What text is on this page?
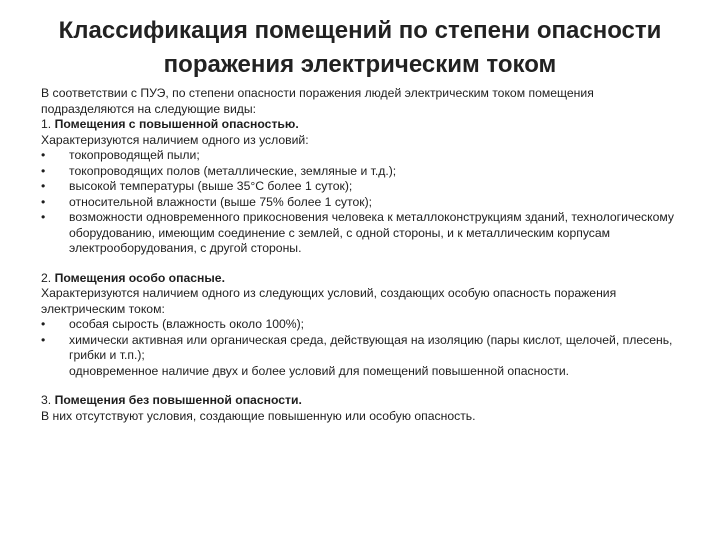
Классификация помещений по степени опасности
поражения электрическим током

В соответствии с ПУЭ, по степени опасности поражения людей электрическим током помещения подразделяются на следующие виды:

1. Помещения с повышенной опасностью.

Характеризуются наличием одного из условий:

•	токопроводящей пыли;
•	токопроводящих полов (металлические, земляные и т.д.);
•	высокой температуры (выше 35°С более 1 суток);
•	относительной влажности (выше 75% более 1 суток);
•	возможности одновременного прикосновения человека к металлоконструкциям зданий, технологическому оборудованию, имеющим соединение с землей, с одной стороны, и к металлическим корпусам электрооборудования, с другой стороны.

2. Помещения особо опасные.

Характеризуются наличием одного из следующих условий, создающих особую опасность поражения электрическим током:

•	особая сырость (влажность около 100%);
•	химически активная или органическая среда, действующая на изоляцию (пары кислот, щелочей, плесень, грибки и т.п.);

одновременное наличие двух и более условий для помещений повышенной опасности.

3. Помещения без повышенной опасности.

В них отсутствуют условия, создающие повышенную или особую опасность.
